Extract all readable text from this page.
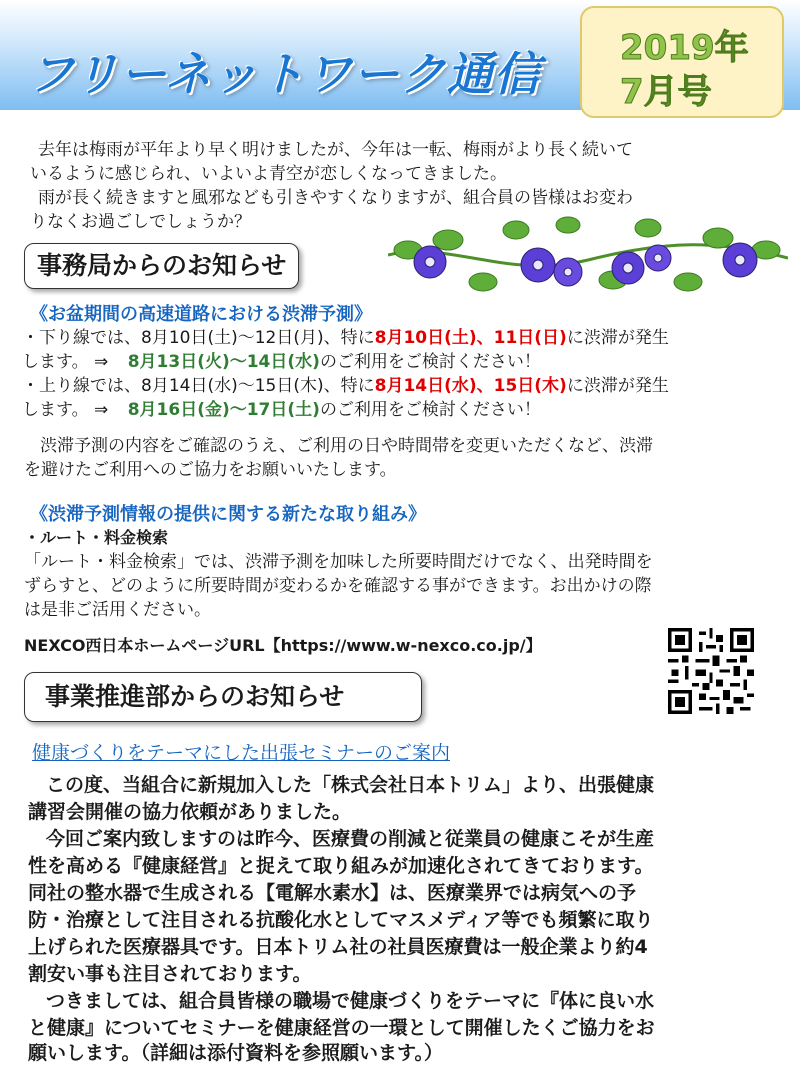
フリーネットワーク通信 2019年
7月号
去年は梅雨が平年より早く明けましたが、今年は一転、梅雨がより長く続いて
いるように感じられ、いよいよ青空が恋しくなってきました。
雨が長く続きますと風邪なども引きやすくなりますが、組合員の皆様はお変わ
りなくお過ごしでしょうか？
事務局からのお知らせ
《お盆期間の高速道路における渋滞予測》
・下り線では、8月10日(土)～12日(月)、特に8月10日(土)、11日(日)に渋滞が発生
します。 ⇒ 8月13日(火)～14日(水)のご利用をご検討ください！
・上り線では、8月14日(水)～15日(木)、特に8月14日(水)、15日(木)に渋滞が発生
します。 ⇒ 8月16日(金)～17日(土)のご利用をご検討ください！
渋滞予測の内容をご確認のうえ、ご利用の日や時間帯を変更いただくなど、渋滞
を避けたご利用へのご協力をお願いいたします。
《渋滞予測情報の提供に関する新たな取り組み》
・ルート・料金検索
「ルート・料金検索」では、渋滞予測を加味した所要時間だけでなく、出発時間を
ずらすと、どのように所要時間が変わるかを確認する事ができます。お出かけの際
は是非ご活用ください。
NEXCO西日本ホームページURL【https://www.w-nexco.co.jp/】
事業推進部からのお知らせ
健康づくりをテーマにした出張セミナーのご案内
この度、当組合に新規加入した「株式会社日本トリム」より、出張健康
講習会開催の協力依頼がありました。
今回ご案内致しますのは昨今、医療費の削減と従業員の健康こそが生産
性を高める『健康経営』と捉えて取り組みが加速化されてきております。
同社の整水器で生成される【電解水素水】は、医療業界では病気への予
防・治療として注目される抗酸化水としてマスメディア等でも頻繁に取り
上げられた医療器具です。日本トリム社の社員医療費は一般企業より約4
割安い事も注目されております。
つきましては、組合員皆様の職場で健康づくりをテーマに『体に良い水
と健康』についてセミナーを健康経営の一環として開催したくご協力をお
願いします。（詳細は添付資料を参照願います。）
